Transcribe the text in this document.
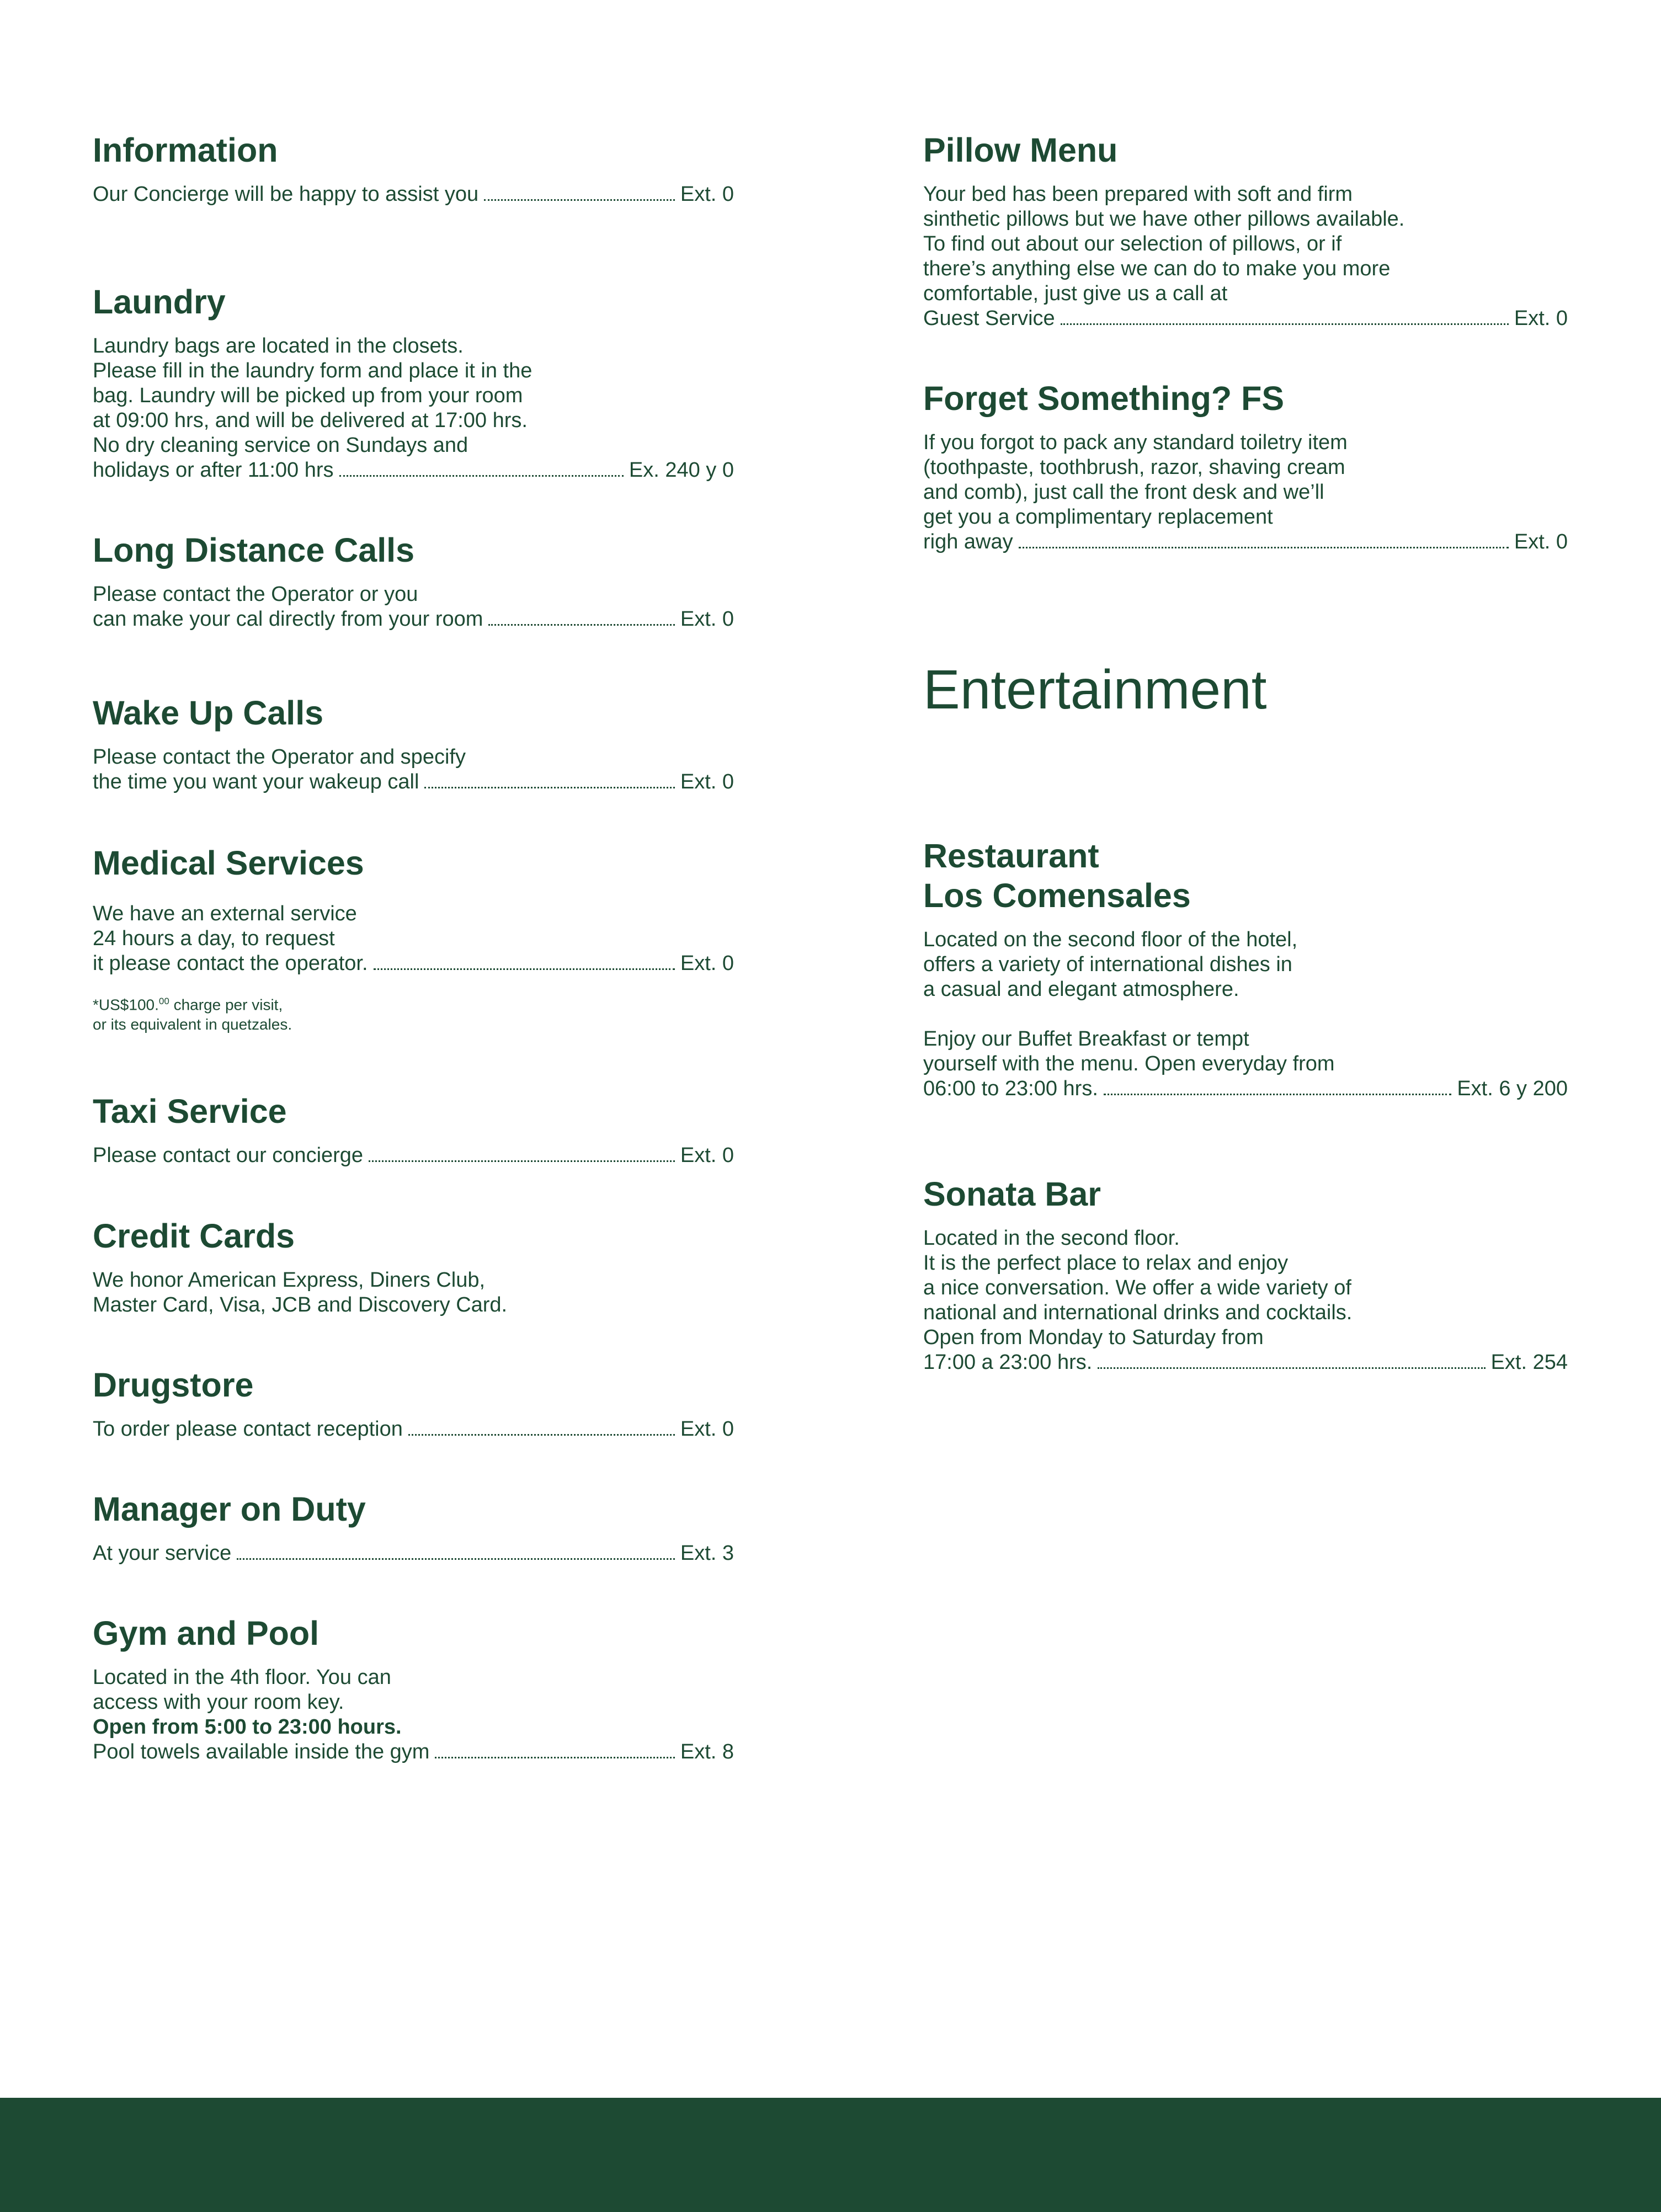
Information

Our Concierge will be happy to assist you	Ext. 0

Laundry

Laundry bags are located in the closets.

Please fill in the laundry form and place it in the

bag. Laundry will be picked up from your room

at 09:00 hrs, and will be delivered at 17:00 hrs.

No dry cleaning service on Sundays and

holidays or after 11:00 hrs	Ex. 240 y 0

Long Distance Calls

Please contact the Operator or you

can make your cal directly from your room	Ext. 0

Wake Up Calls

Please contact the Operator and specify

the time you want your wakeup call	Ext. 0

Medical Services

We have an external service

24 hours a day, to request

it please contact the operator.	Ext. 0

*US$100.00 charge per visit,

or its equivalent in quetzales.

Taxi Service

Please contact our concierge	Ext. 0

Credit Cards

We honor American Express, Diners Club,

Master Card, Visa, JCB and Discovery Card.

Drugstore

To order please contact reception	Ext. 0

Manager on Duty

At your service	Ext. 3

Gym and Pool

Located in the 4th floor. You can

access with your room key.

Open from 5:00 to 23:00 hours.

Pool towels available inside the gym	Ext. 8

Pillow Menu

Your bed has been prepared with soft and firm

sinthetic pillows but we have other pillows available.

To find out about our selection of pillows, or if

there’s anything else we can do to make you more

comfortable, just give us a call at

Guest Service	Ext. 0

Forget Something? FS

If you forgot to pack any standard toiletry item

(toothpaste, toothbrush, razor, shaving cream

and comb), just call the front desk and we’ll

get you a complimentary replacement

righ away	Ext. 0

Entertainment
Restaurant
Los Comensales

Located on the second floor of the hotel,

offers a variety of international dishes in

a casual and elegant atmosphere.

Enjoy our Buffet Breakfast or tempt

yourself with the menu. Open everyday from

06:00 to 23:00 hrs.	Ext. 6 y 200

Sonata Bar

Located in the second floor.

It is the perfect place to relax and enjoy

a nice conversation. We offer a wide variety of

national and international drinks and cocktails.

Open from Monday to Saturday from

17:00 a 23:00 hrs.	Ext. 254
